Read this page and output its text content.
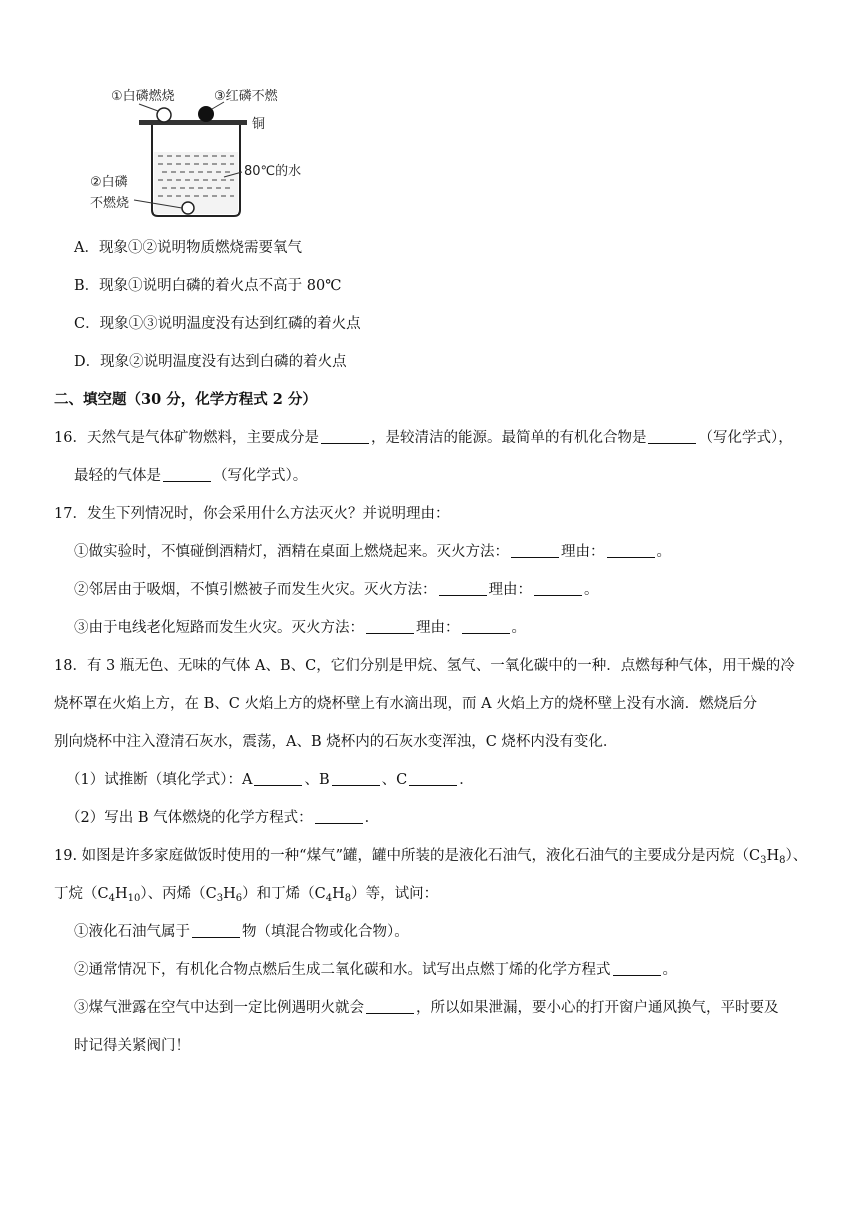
①白磷燃烧	③红磷不燃
铜
80℃的水
②白磷
不燃烧
A．现象①②说明物质燃烧需要氧气
B．现象①说明白磷的着火点不高于 80℃
C．现象①③说明温度没有达到红磷的着火点
D．现象②说明温度没有达到白磷的着火点
二、填空题（30 分，化学方程式 2 分）
16．天然气是气体矿物燃料，主要成分是	，是较清洁的能源。最简单的有机化合物是	（写化学式），
最轻的气体是	（写化学式）。
17．发生下列情况时，你会采用什么方法灭火？并说明理由：
①做实验时，不慎碰倒酒精灯，酒精在桌面上燃烧起来。灭火方法：	理由：	。
②邻居由于吸烟，不慎引燃被子而发生火灾。灭火方法：	理由：	。
③由于电线老化短路而发生火灾。灭火方法：	理由：	。
18．有 3 瓶无色、无味的气体 A、B、C，它们分别是甲烷、氢气、一氧化碳中的一种．点燃每种气体，用干燥的冷
烧杯罩在火焰上方，在 B、C 火焰上方的烧杯壁上有水滴出现，而 A 火焰上方的烧杯壁上没有水滴．燃烧后分
别向烧杯中注入澄清石灰水，震荡，A、B 烧杯内的石灰水变浑浊，C 烧杯内没有变化．
（1）试推断（填化学式）：A	、B	、C	．
（2）写出 B 气体燃烧的化学方程式：	．
19. 如图是许多家庭做饭时使用的一种“煤气”罐，罐中所装的是液化石油气，液化石油气的主要成分是丙烷$(C_3H_8)$、
丁烷$(C_4H_{10})$、丙烯$(C_3H_6)$和丁烯$(C_4H_8)$等，试问：
①液化石油气属于	物（填混合物或化合物）。
②通常情况下，有机化合物点燃后生成二氧化碳和水。试写出点燃丁烯的化学方程式	。
③煤气泄露在空气中达到一定比例遇明火就会	，所以如果泄漏，要小心的打开窗户通风换气，平时要及
时记得关紧阀门！
